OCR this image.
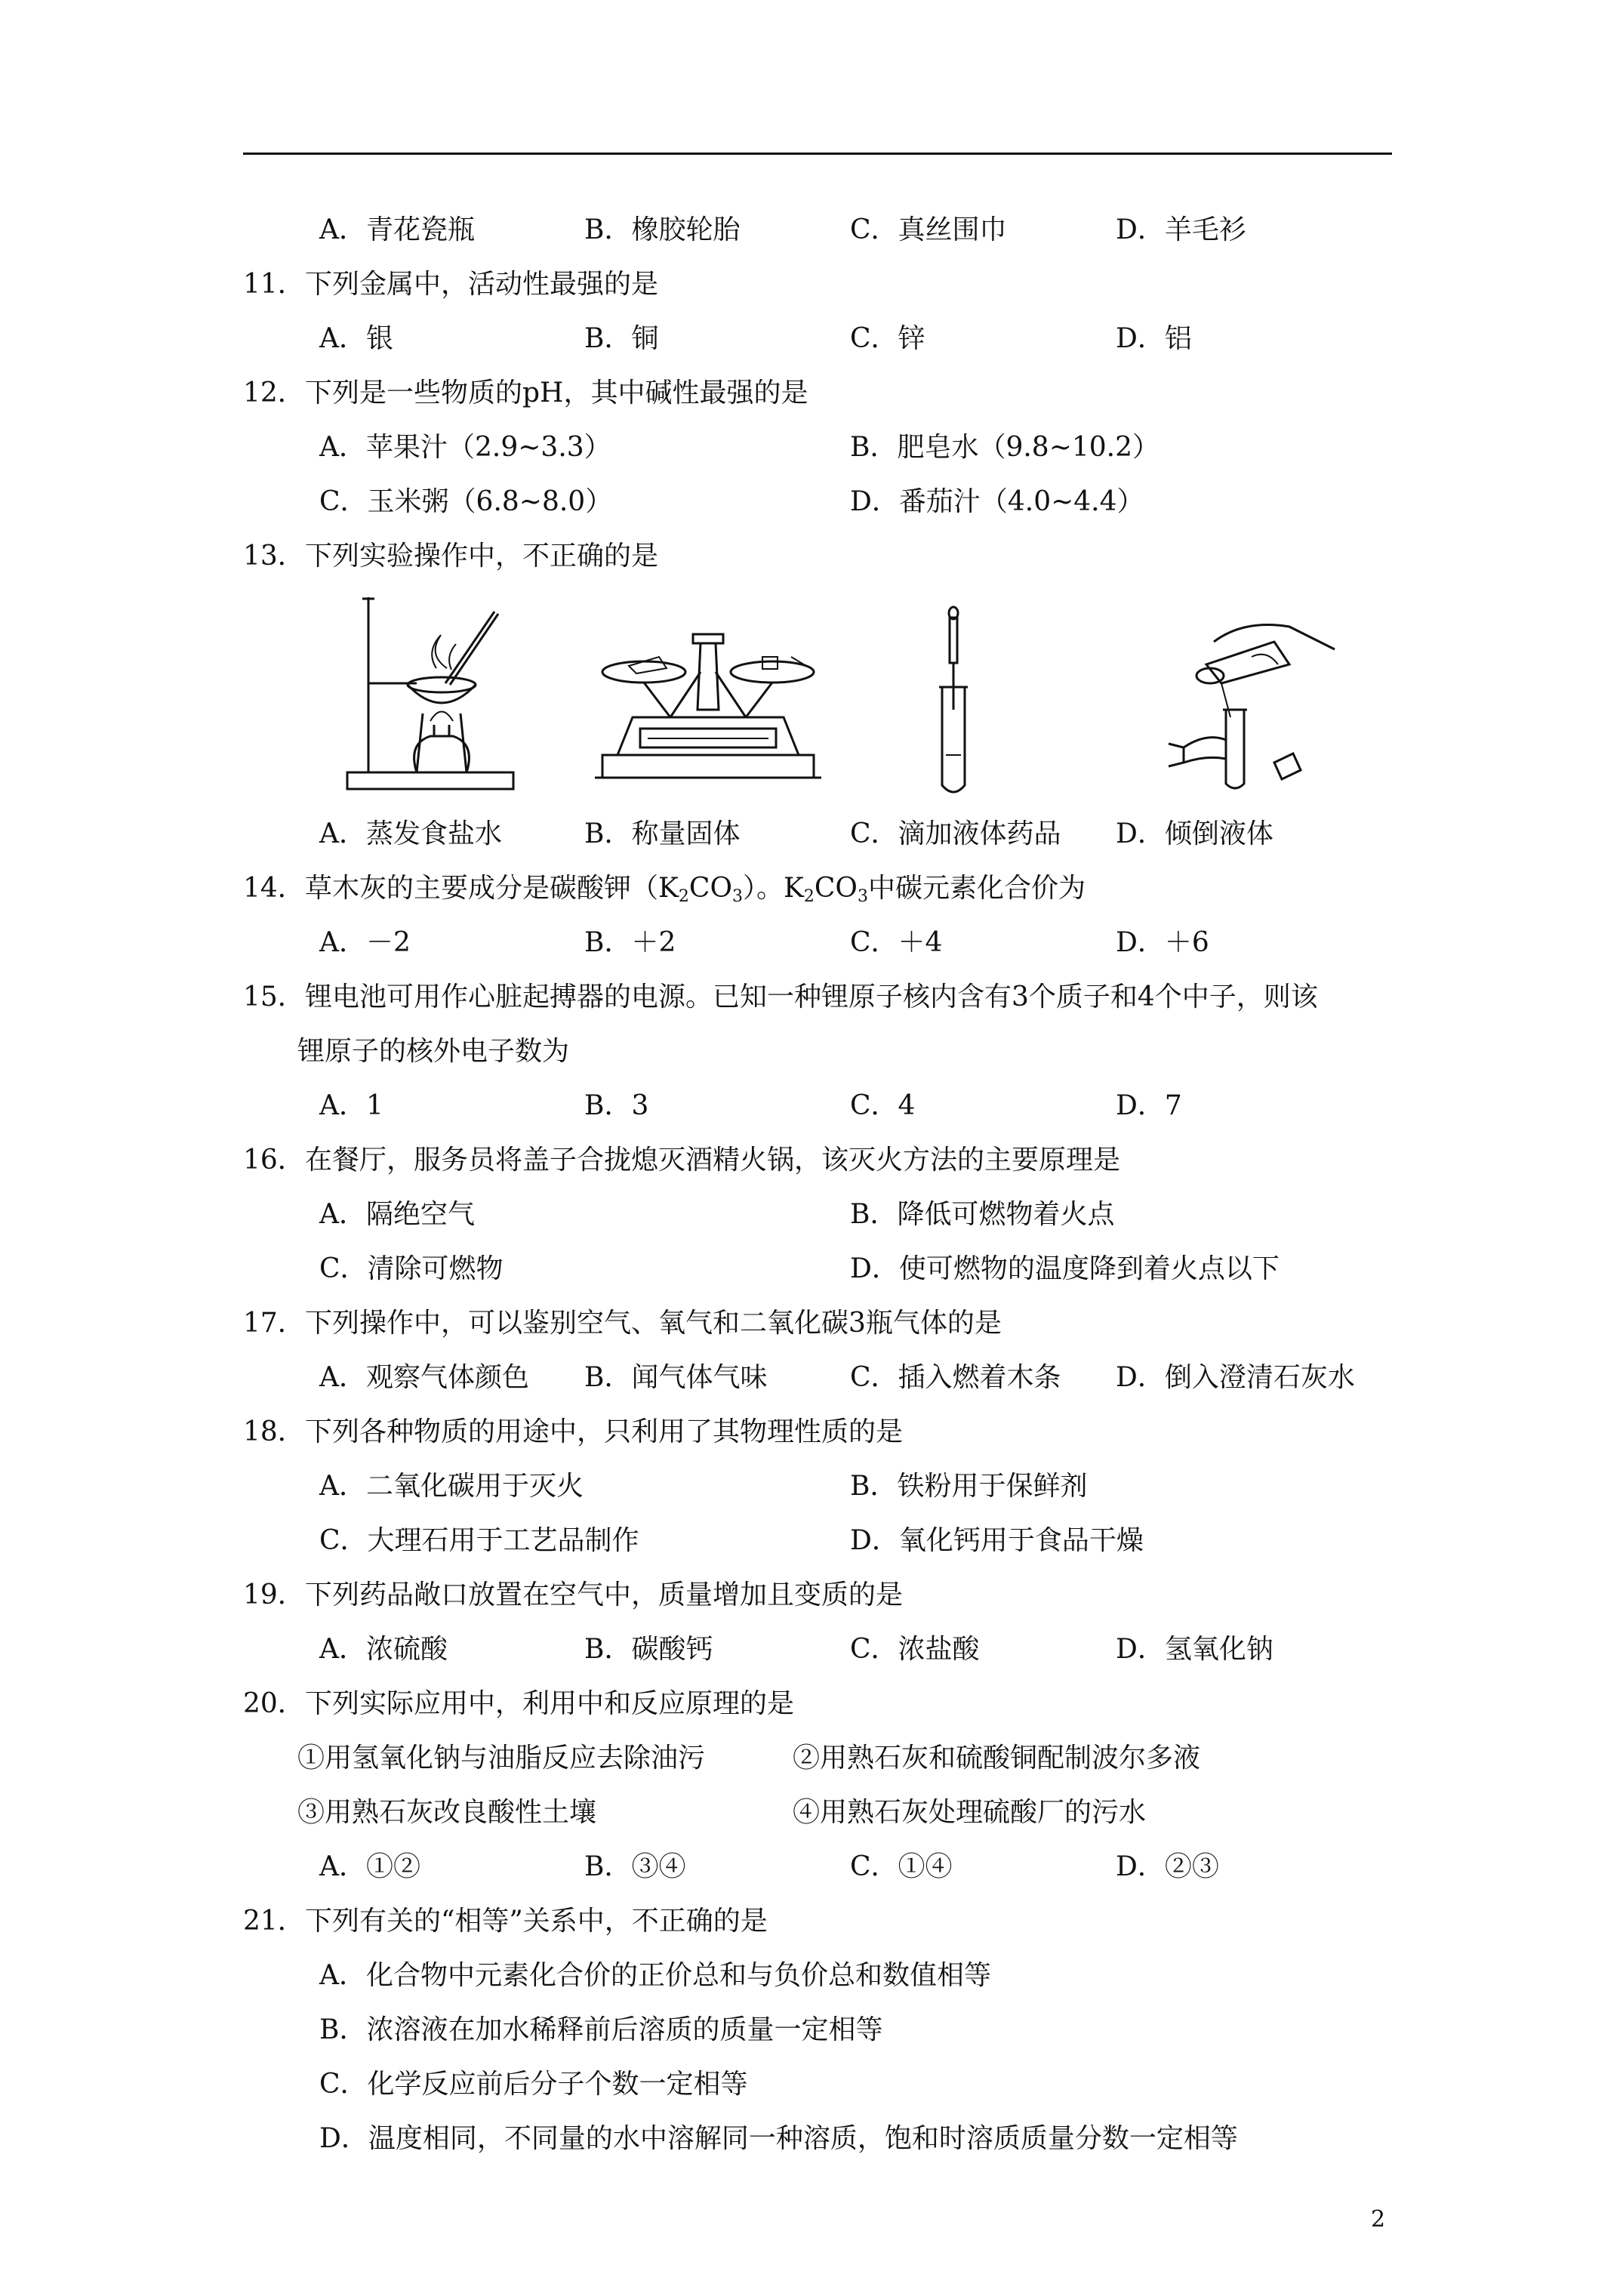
A．青花瓷瓶	B．橡胶轮胎	C．真丝围巾	D．羊毛衫
11． 下列金属中，活动性最强的是
A．银	B．铜	C．锌	D．铝
12． 下列是一些物质的pH，其中碱性最强的是
A．苹果汁（2.9~3.3）	B．肥皂水（9.8~10.2）
C．玉米粥（6.8~8.0）	D．番茄汁（4.0~4.4）
13． 下列实验操作中，不正确的是
A．蒸发食盐水	B．称量固体	C．滴加液体药品 D．倾倒液体
14． 草木灰的主要成分是碳酸钾$(K_2CO_3)$。$K_2CO_3$中碳元素化合价为
A．－2	B．＋2	C．＋4	D．＋6
15． 锂电池可用作心脏起搏器的电源。已知一种锂原子核内含有3个质子和4个中子，则该
锂原子的核外电子数为
A．1	B．3	C．4	D．7
16． 在餐厅，服务员将盖子合拢熄灭酒精火锅，该灭火方法的主要原理是
A．隔绝空气	B．降低可燃物着火点
C．清除可燃物	D．使可燃物的温度降到着火点以下
17． 下列操作中，可以鉴别空气、氧气和二氧化碳3瓶气体的是
A．观察气体颜色 B．闻气体气味	C．插入燃着木条 D．倒入澄清石灰水
18． 下列各种物质的用途中，只利用了其物理性质的是
A．二氧化碳用于灭火	B．铁粉用于保鲜剂
C．大理石用于工艺品制作	D．氧化钙用于食品干燥
19． 下列药品敞口放置在空气中，质量增加且变质的是
A．浓硫酸	B．碳酸钙	C．浓盐酸	D．氢氧化钠
20． 下列实际应用中，利用中和反应原理的是
①用氢氧化钠与油脂反应去除油污	②用熟石灰和硫酸铜配制波尔多液
③用熟石灰改良酸性土壤	④用熟石灰处理硫酸厂的污水
A．①②	B．③④	C．①④	D．②③
21． 下列有关的“相等”关系中，不正确的是
A．化合物中元素化合价的正价总和与负价总和数值相等
B．浓溶液在加水稀释前后溶质的质量一定相等
C．化学反应前后分子个数一定相等
D．温度相同，不同量的水中溶解同一种溶质，饱和时溶质质量分数一定相等
2
